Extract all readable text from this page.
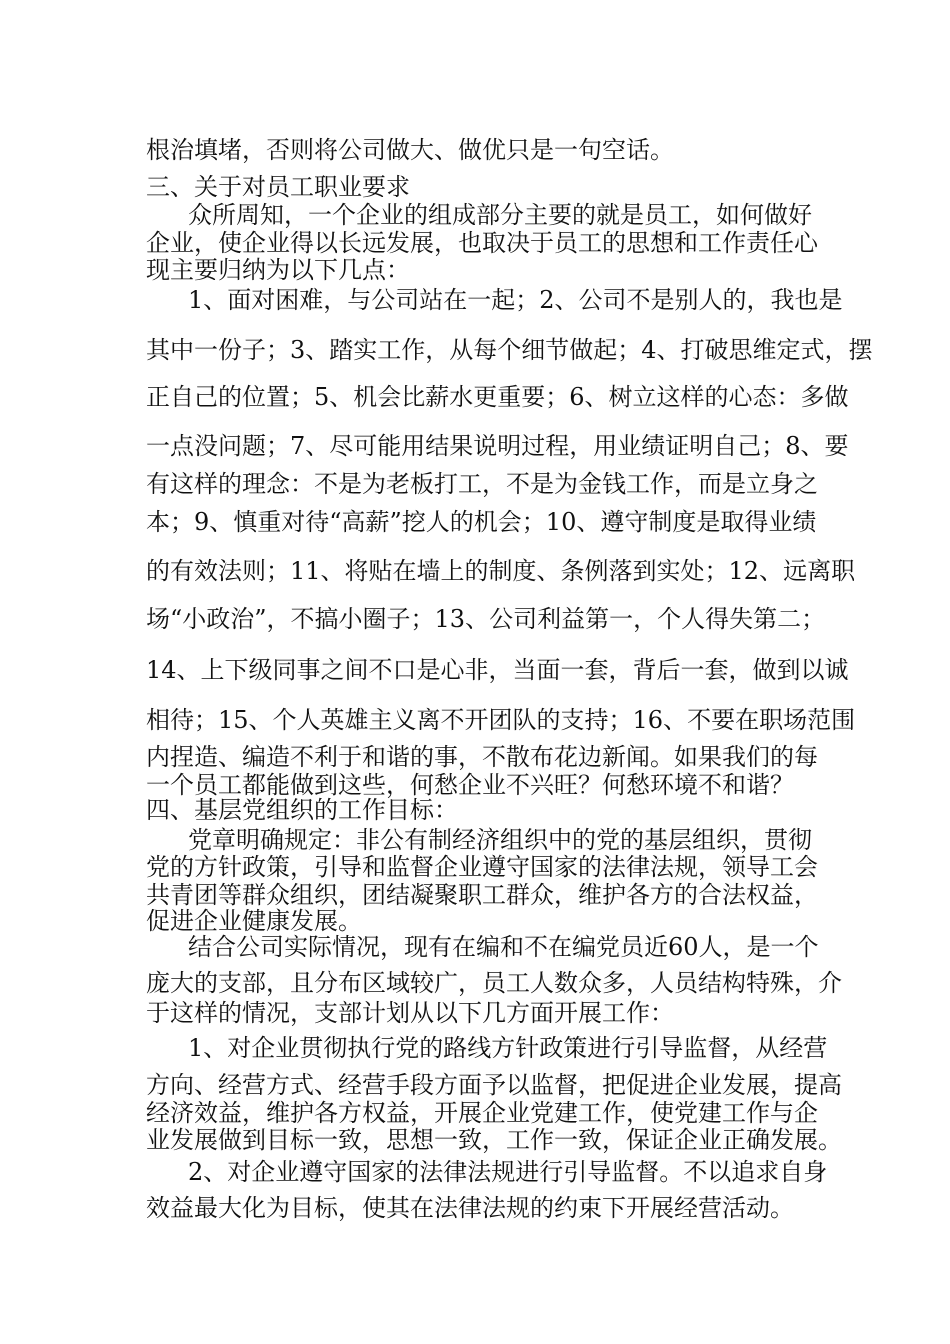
根治填堵，否则将公司做大、做优只是一句空话。
三、关于对员工职业要求
众所周知，一个企业的组成部分主要的就是员工，如何做好
企业，使企业得以长远发展，也取决于员工的思想和工作责任心
现主要归纳为以下几点：
1、面对困难，与公司站在一起；2、公司不是别人的，我也是
其中一份子；3、踏实工作，从每个细节做起；4、打破思维定式，摆
正自己的位置；5、机会比薪水更重要；6、树立这样的心态：多做
一点没问题；7、尽可能用结果说明过程，用业绩证明自己；8、要
有这样的理念：不是为老板打工，不是为金钱工作，而是立身之
本；9、慎重对待“高薪”挖人的机会；10、遵守制度是取得业绩
的有效法则；11、将贴在墙上的制度、条例落到实处；12、远离职
场“小政治”，不搞小圈子；13、公司利益第一，个人得失第二；
14、上下级同事之间不口是心非，当面一套，背后一套，做到以诚
相待；15、个人英雄主义离不开团队的支持；16、不要在职场范围
内捏造、编造不利于和谐的事，不散布花边新闻。如果我们的每
一个员工都能做到这些，何愁企业不兴旺？何愁环境不和谐？
四、基层党组织的工作目标：
党章明确规定：非公有制经济组织中的党的基层组织，贯彻
党的方针政策，引导和监督企业遵守国家的法律法规，领导工会
共青团等群众组织，团结凝聚职工群众，维护各方的合法权益，
促进企业健康发展。
结合公司实际情况，现有在编和不在编党员近60人，是一个
庞大的支部，且分布区域较广，员工人数众多，人员结构特殊，介
于这样的情况，支部计划从以下几方面开展工作：
1、对企业贯彻执行党的路线方针政策进行引导监督，从经营
方向、经营方式、经营手段方面予以监督，把促进企业发展，提高
经济效益，维护各方权益，开展企业党建工作，使党建工作与企
业发展做到目标一致，思想一致，工作一致，保证企业正确发展。
2、对企业遵守国家的法律法规进行引导监督。不以追求自身
效益最大化为目标，使其在法律法规的约束下开展经营活动。
